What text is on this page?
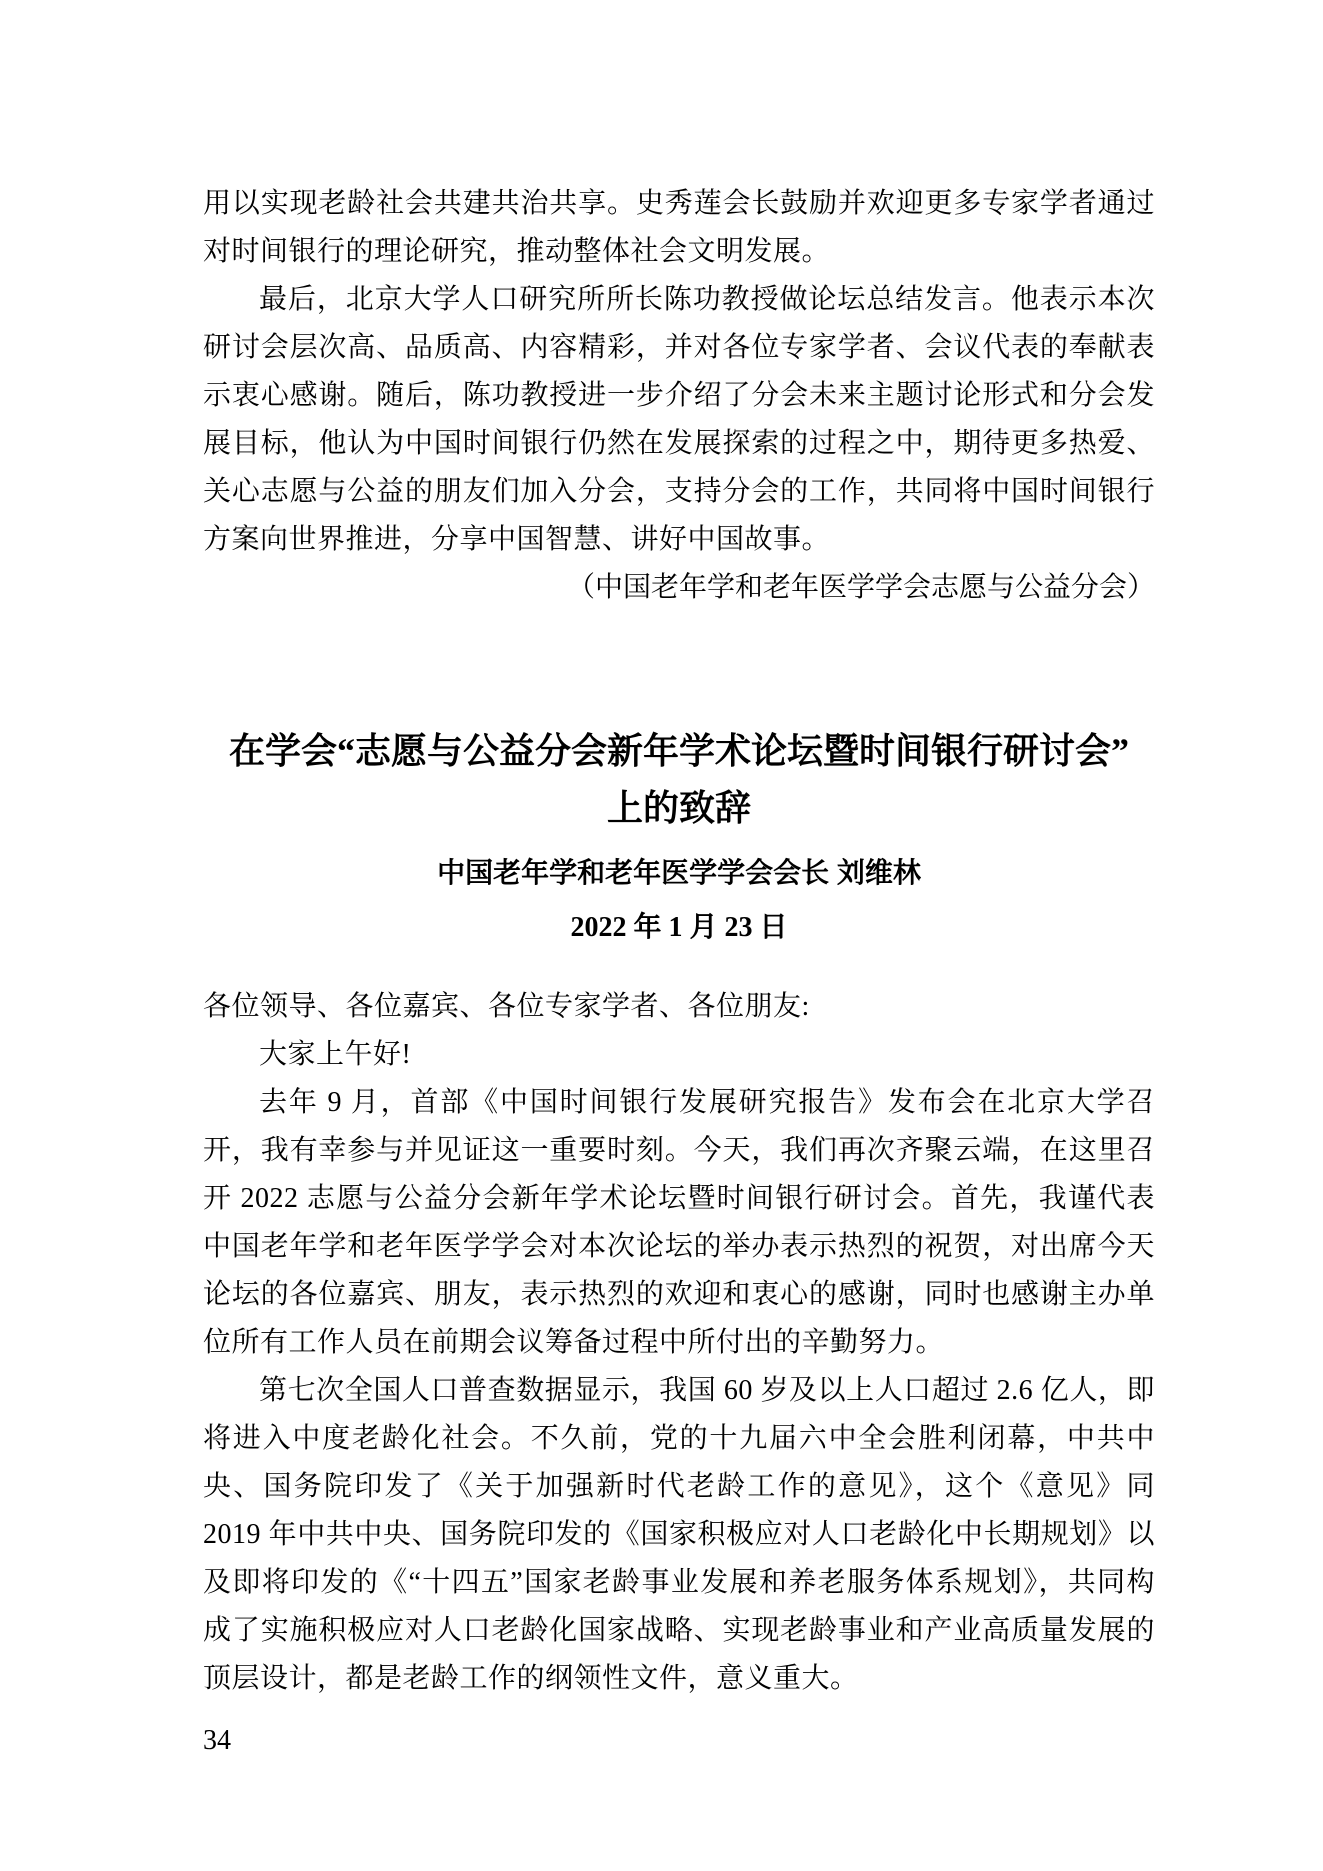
用以实现老龄社会共建共治共享。史秀莲会长鼓励并欢迎更多专家学者通过对时间银行的理论研究，推动整体社会文明发展。

最后，北京大学人口研究所所长陈功教授做论坛总结发言。他表示本次研讨会层次高、品质高、内容精彩，并对各位专家学者、会议代表的奉献表示衷心感谢。随后，陈功教授进一步介绍了分会未来主题讨论形式和分会发展目标，他认为中国时间银行仍然在发展探索的过程之中，期待更多热爱、关心志愿与公益的朋友们加入分会，支持分会的工作，共同将中国时间银行方案向世界推进，分享中国智慧、讲好中国故事。

（中国老年学和老年医学学会志愿与公益分会）

在学会“志愿与公益分会新年学术论坛暨时间银行研讨会”
上的致辞

中国老年学和老年医学学会会长 刘维林

2022 年 1 月 23 日

各位领导、各位嘉宾、各位专家学者、各位朋友:

大家上午好!

去年 9 月，首部《中国时间银行发展研究报告》发布会在北京大学召开，我有幸参与并见证这一重要时刻。今天，我们再次齐聚云端，在这里召开 2022 志愿与公益分会新年学术论坛暨时间银行研讨会。首先，我谨代表中国老年学和老年医学学会对本次论坛的举办表示热烈的祝贺，对出席今天论坛的各位嘉宾、朋友，表示热烈的欢迎和衷心的感谢，同时也感谢主办单位所有工作人员在前期会议筹备过程中所付出的辛勤努力。

第七次全国人口普查数据显示，我国 60 岁及以上人口超过 2.6 亿人，即将进入中度老龄化社会。不久前，党的十九届六中全会胜利闭幕，中共中央、国务院印发了《关于加强新时代老龄工作的意见》，这个《意见》同 2019 年中共中央、国务院印发的《国家积极应对人口老龄化中长期规划》以及即将印发的《“十四五”国家老龄事业发展和养老服务体系规划》，共同构成了实施积极应对人口老龄化国家战略、实现老龄事业和产业高质量发展的顶层设计，都是老龄工作的纲领性文件，意义重大。

34
